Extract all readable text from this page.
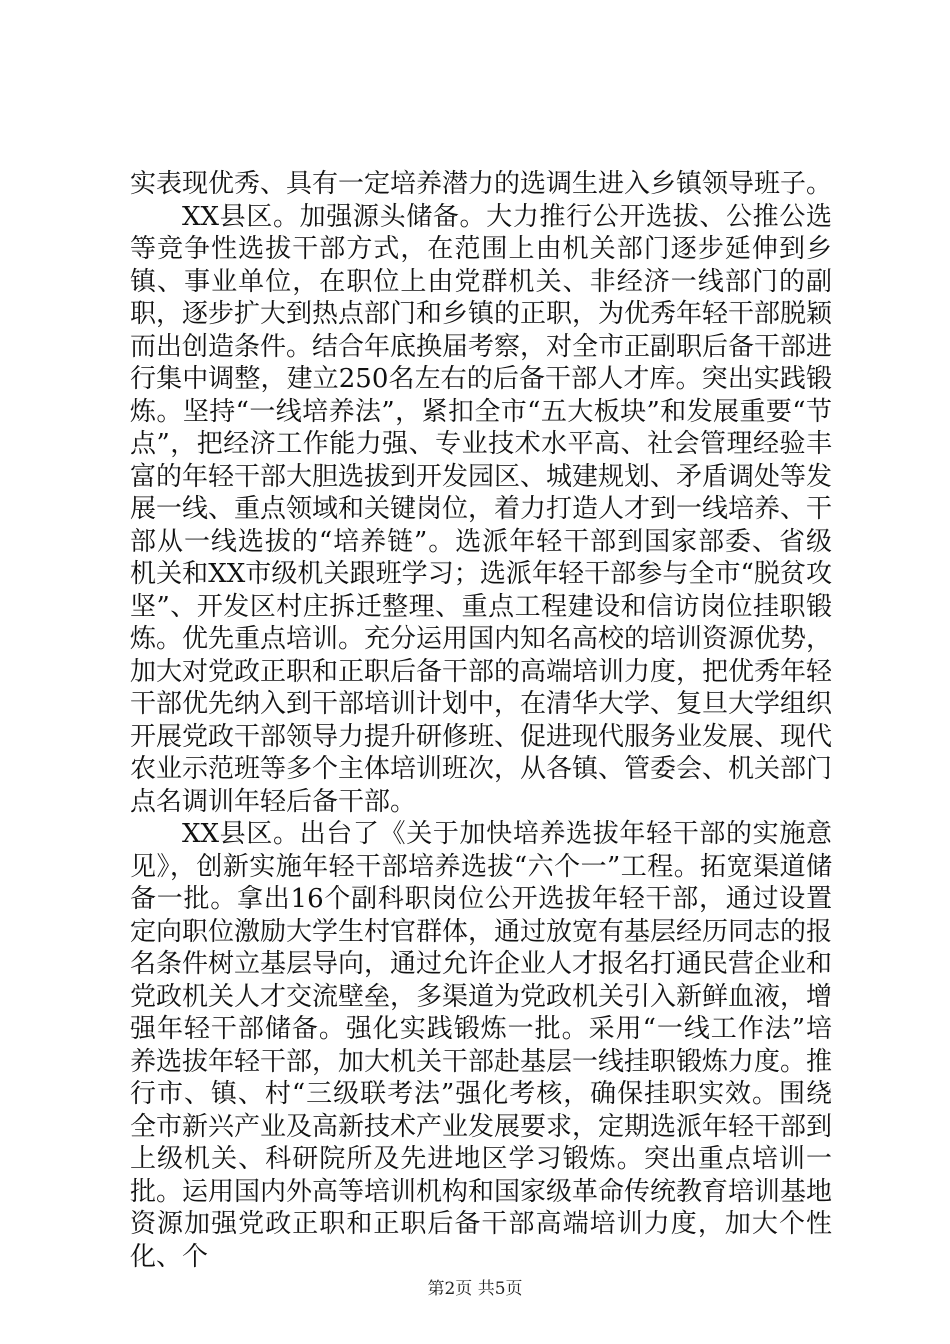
实表现优秀、具有一定培养潜力的选调生进入乡镇领导班子。

XX县区。加强源头储备。大力推行公开选拔、公推公选等竞争性选拔干部方式，在范围上由机关部门逐步延伸到乡镇、事业单位，在职位上由党群机关、非经济一线部门的副职，逐步扩大到热点部门和乡镇的正职，为优秀年轻干部脱颖而出创造条件。结合年底换届考察，对全市正副职后备干部进行集中调整，建立250名左右的后备干部人才库。突出实践锻炼。坚持“一线培养法”，紧扣全市“五大板块”和发展重要“节点”，把经济工作能力强、专业技术水平高、社会管理经验丰富的年轻干部大胆选拔到开发园区、城建规划、矛盾调处等发展一线、重点领域和关键岗位，着力打造人才到一线培养、干部从一线选拔的“培养链”。选派年轻干部到国家部委、省级机关和XX市级机关跟班学习；选派年轻干部参与全市“脱贫攻坚”、开发区村庄拆迁整理、重点工程建设和信访岗位挂职锻炼。优先重点培训。充分运用国内知名高校的培训资源优势，加大对党政正职和正职后备干部的高端培训力度，把优秀年轻干部优先纳入到干部培训计划中，在清华大学、复旦大学组织开展党政干部领导力提升研修班、促进现代服务业发展、现代农业示范班等多个主体培训班次，从各镇、管委会、机关部门点名调训年轻后备干部。

XX县区。出台了《关于加快培养选拔年轻干部的实施意见》，创新实施年轻干部培养选拔“六个一”工程。拓宽渠道储备一批。拿出16个副科职岗位公开选拔年轻干部，通过设置定向职位激励大学生村官群体，通过放宽有基层经历同志的报名条件树立基层导向，通过允许企业人才报名打通民营企业和党政机关人才交流壁垒，多渠道为党政机关引入新鲜血液，增强年轻干部储备。强化实践锻炼一批。采用“一线工作法”培养选拔年轻干部，加大机关干部赴基层一线挂职锻炼力度。推行市、镇、村“三级联考法”强化考核，确保挂职实效。围绕全市新兴产业及高新技术产业发展要求，定期选派年轻干部到上级机关、科研院所及先进地区学习锻炼。突出重点培训一批。运用国内外高等培训机构和国家级革命传统教育培训基地资源加强党政正职和正职后备干部高端培训力度，加大个性化、个

第2页 共5页
